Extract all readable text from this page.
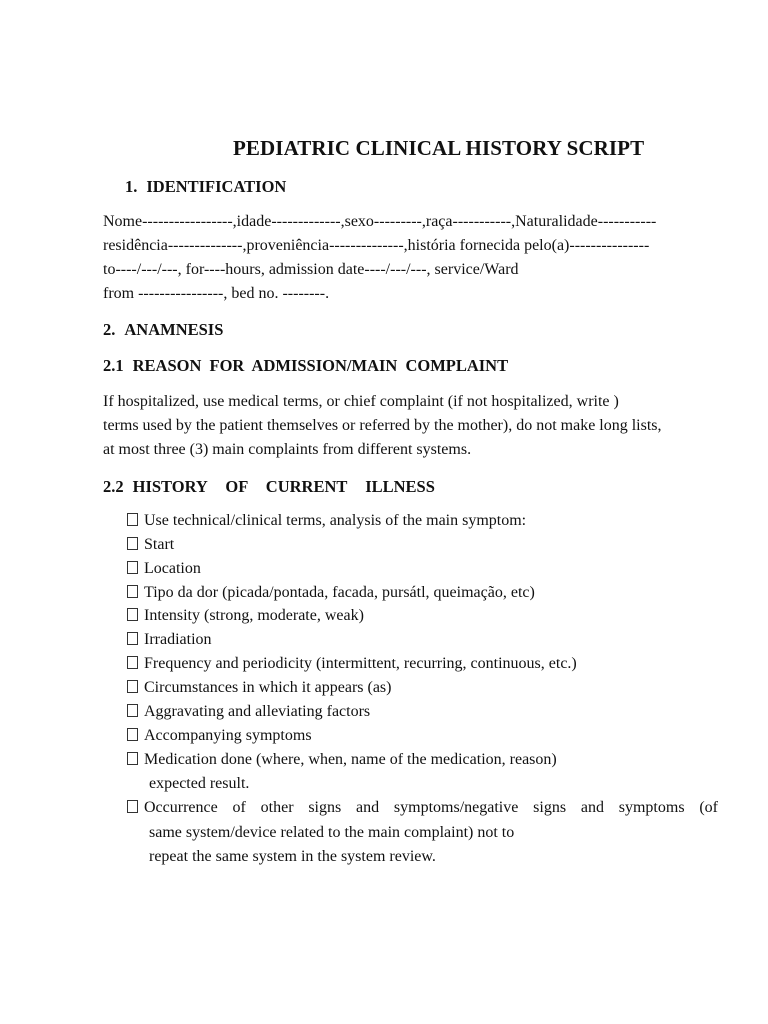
PEDIATRIC CLINICAL HISTORY SCRIPT
1. IDENTIFICATION
Nome-----------------,idade-------------,sexo---------,raça-----------,Naturalidade-----------
residência--------------,proveniência--------------,história fornecida pelo(a)---------------
to----/---/---, for----hours, admission date----/---/---, service/Ward
from ----------------, bed no. --------.
2. ANAMNESIS
2.1 REASON FOR ADMISSION/MAIN COMPLAINT
If hospitalized, use medical terms, or chief complaint (if not hospitalized, write )
terms used by the patient themselves or referred by the mother), do not make long lists,
at most three (3) main complaints from different systems.
2.2 HISTORY OF CURRENT ILLNESS
Use technical/clinical terms, analysis of the main symptom:
Start
Location
Tipo da dor (picada/pontada, facada, pursátl, queimação, etc)
Intensity (strong, moderate, weak)
Irradiation
Frequency and periodicity (intermittent, recurring, continuous, etc.)
Circumstances in which it appears (as)
Aggravating and alleviating factors
Accompanying symptoms
Medication done (where, when, name of the medication, reason)
expected result.
Occurrence of other signs and symptoms/negative signs and symptoms (of
same system/device related to the main complaint) not to
repeat the same system in the system review.
